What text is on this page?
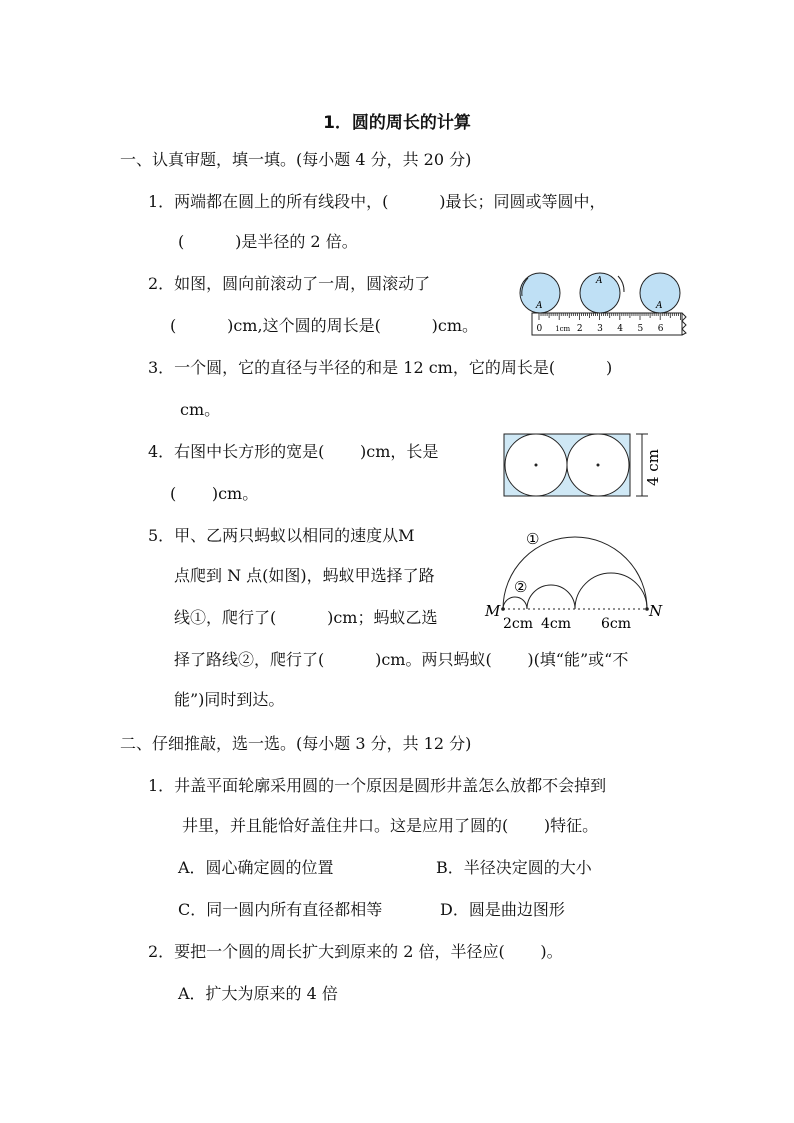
1．圆的周长的计算
一、认真审题，填一填。(每小题 4 分，共 20 分)
1．两端都在圆上的所有线段中，(          )最长；同圆或等圆中，
(          )是半径的 2 倍。
2．如图，圆向前滚动了一周，圆滚动了
(          )cm,这个圆的周长是(          )cm。
3．一个圆，它的直径与半径的和是 12 cm，它的周长是(          )
cm。
4．右图中长方形的宽是(       )cm，长是
(       )cm。
5．甲、乙两只蚂蚁以相同的速度从M
点爬到 N 点(如图)，蚂蚁甲选择了路
线①，爬行了(          )cm；蚂蚁乙选
择了路线②，爬行了(          )cm。两只蚂蚁(       )(填“能”或“不
能”)同时到达。
二、仔细推敲，选一选。(每小题 3 分，共 12 分)
1．井盖平面轮廓采用圆的一个原因是圆形井盖怎么放都不会掉到
井里，并且能恰好盖住井口。这是应用了圆的(       )特征。
A．圆心确定圆的位置	B．半径决定圆的大小
C．同一圆内所有直径都相等	D．圆是曲边图形
2．要把一个圆的周长扩大到原来的 2 倍，半径应(       )。
A．扩大为原来的 4 倍
A
A
A
0 1cm 2 3 4 5 6
4 cm
①
②
M	N
2cm 4cm 6cm
